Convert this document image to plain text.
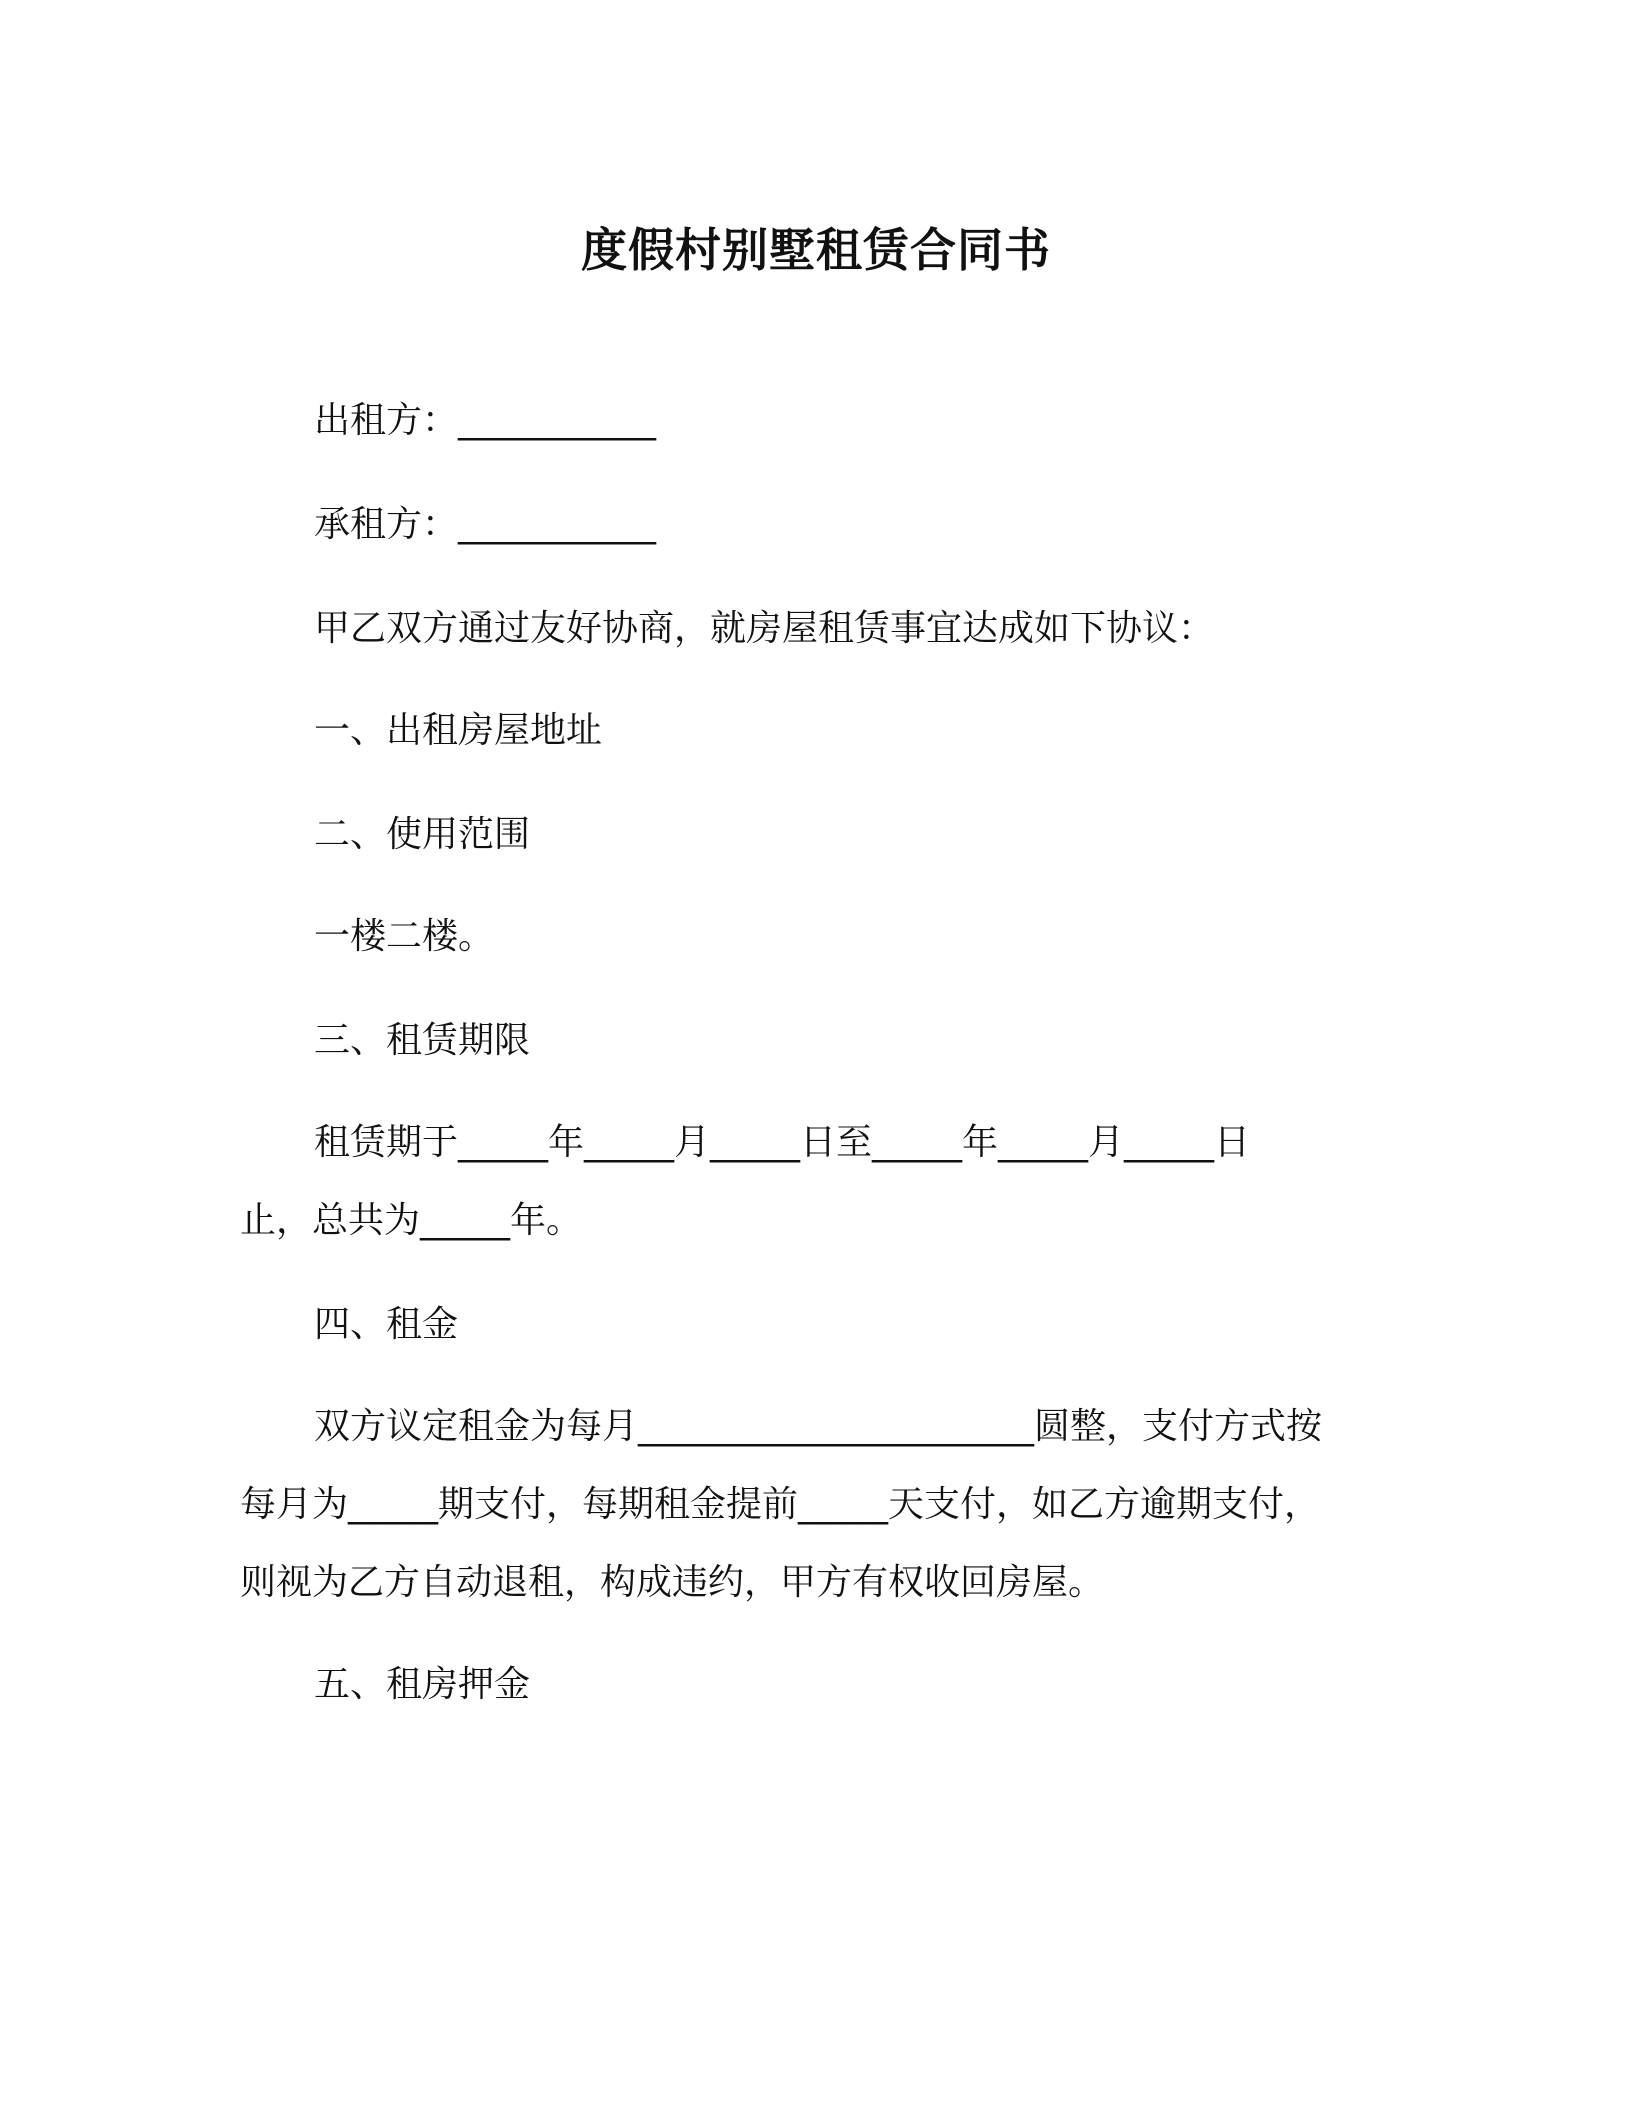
度假村别墅租赁合同书
出租方：___________
承租方：___________
甲乙双方通过友好协商，就房屋租赁事宜达成如下协议：
一、出租房屋地址
二、使用范围
一楼二楼。
三、租赁期限
租赁期于_____年_____月_____日至_____年_____月_____日
止，总共为_____年。
四、租金
双方议定租金为每月______________________圆整，支付方式按
每月为_____期支付，每期租金提前_____天支付，如乙方逾期支付，
则视为乙方自动退租，构成违约，甲方有权收回房屋。
五、租房押金
